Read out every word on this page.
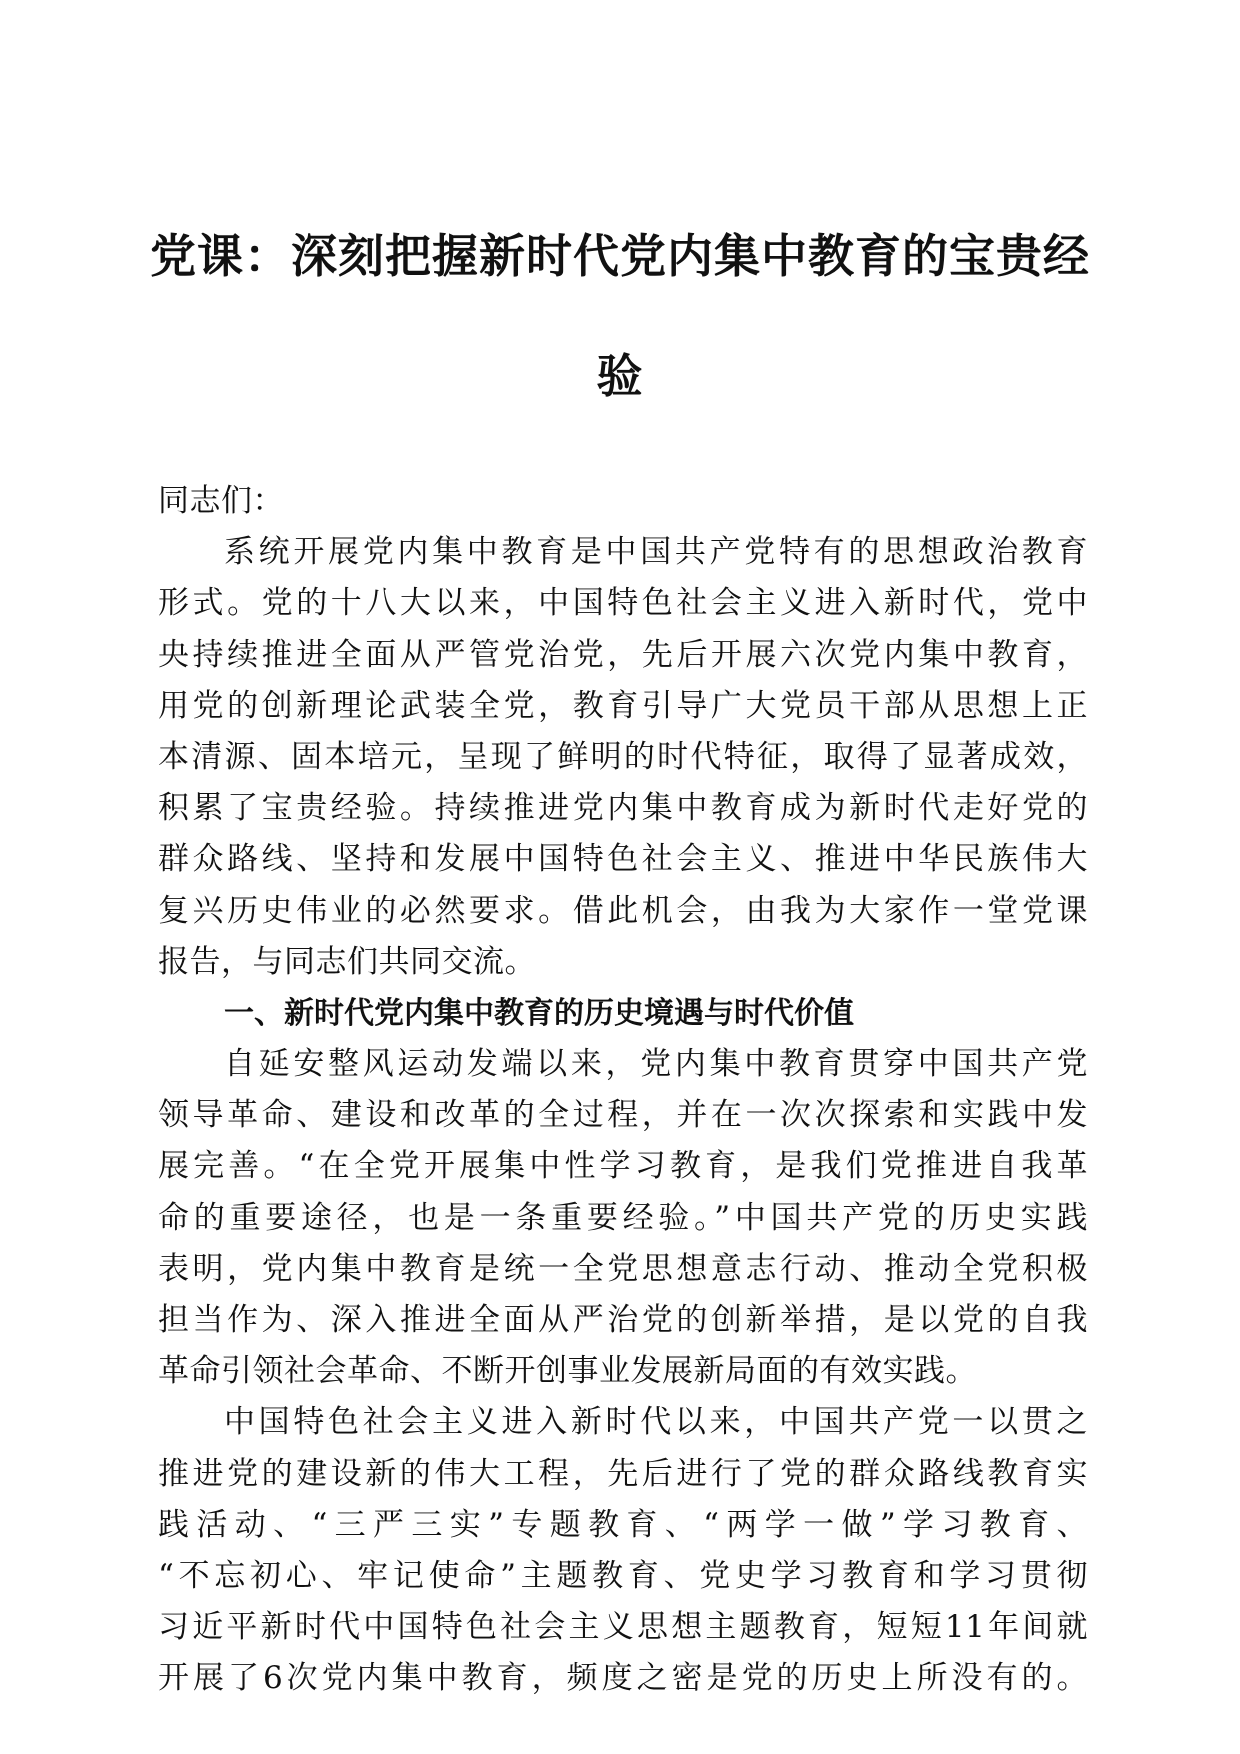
党课：深刻把握新时代党内集中教育的宝贵经
验
同志们：
系统开展党内集中教育是中国共产党特有的思想政治教育
形式。党的十八大以来，中国特色社会主义进入新时代，党中
央持续推进全面从严管党治党，先后开展六次党内集中教育，
用党的创新理论武装全党，教育引导广大党员干部从思想上正
本清源、固本培元，呈现了鲜明的时代特征，取得了显著成效，
积累了宝贵经验。持续推进党内集中教育成为新时代走好党的
群众路线、坚持和发展中国特色社会主义、推进中华民族伟大
复兴历史伟业的必然要求。借此机会，由我为大家作一堂党课
报告，与同志们共同交流。
一、新时代党内集中教育的历史境遇与时代价值
自延安整风运动发端以来，党内集中教育贯穿中国共产党
领导革命、建设和改革的全过程，并在一次次探索和实践中发
展完善。“在全党开展集中性学习教育，是我们党推进自我革
命的重要途径，也是一条重要经验。”中国共产党的历史实践
表明，党内集中教育是统一全党思想意志行动、推动全党积极
担当作为、深入推进全面从严治党的创新举措，是以党的自我
革命引领社会革命、不断开创事业发展新局面的有效实践。
中国特色社会主义进入新时代以来，中国共产党一以贯之
推进党的建设新的伟大工程，先后进行了党的群众路线教育实
践活动、“三严三实”专题教育、“两学一做”学习教育、
“不忘初心、牢记使命”主题教育、党史学习教育和学习贯彻
习近平新时代中国特色社会主义思想主题教育，短短11年间就
开展了6次党内集中教育，频度之密是党的历史上所没有的。
